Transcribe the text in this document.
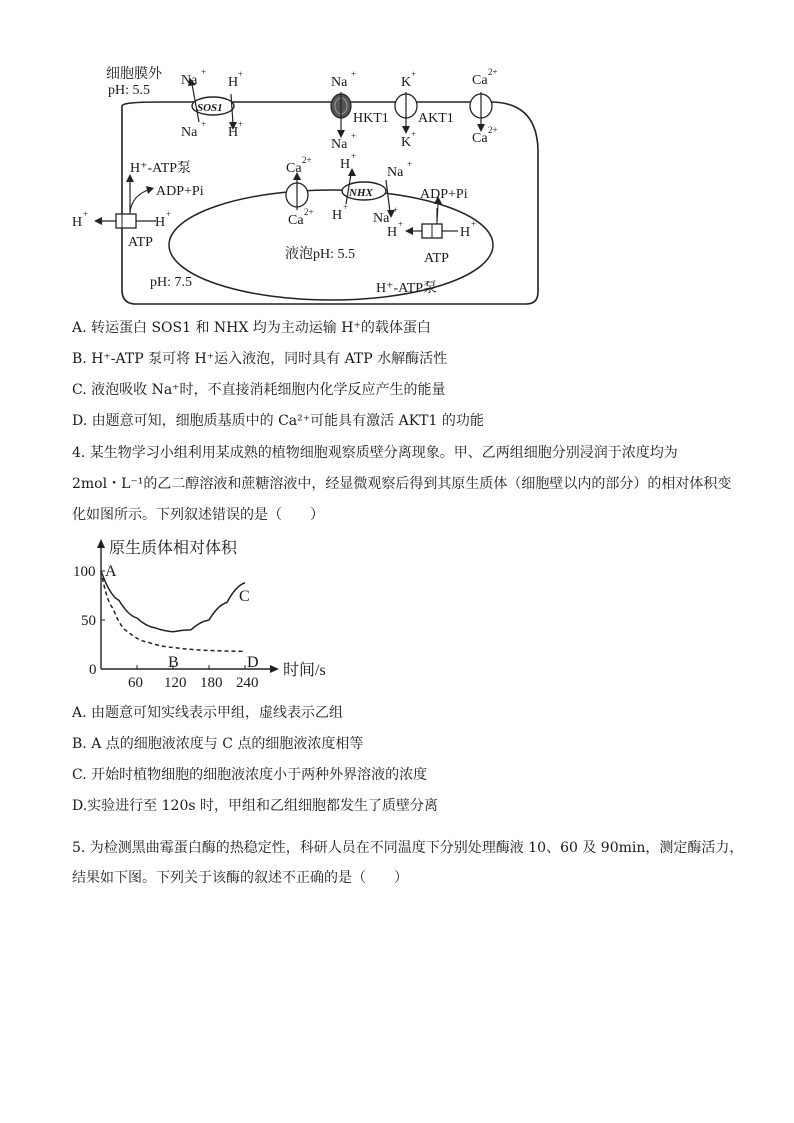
细胞膜外
pH: 5.5
SOS1
Na
+
Na
+
H
+
H
+
Na
+
Na
+
HKT1
K
+
K
+
AKT1
Ca
2+
Ca
2+
H⁺-ATP泵
H
+
H
+
ADP+Pi
ATP
Ca
2+
Ca
2+
NHX
H
+
H
+
Na
+
Na
+
H
+
H
+
ADP+Pi
ATP
H⁺-ATP泵
液泡pH: 5.5
pH: 7.5
A. 转运蛋白 SOS1 和 NHX 均为主动运输 H⁺的载体蛋白
B. H⁺-ATP 泵可将 H⁺运入液泡，同时具有 ATP 水解酶活性
C. 液泡吸收 Na⁺时，不直接消耗细胞内化学反应产生的能量
D. 由题意可知，细胞质基质中的 Ca²⁺可能具有激活 AKT1 的功能
4. 某生物学习小组利用某成熟的植物细胞观察质壁分离现象。甲、乙两组细胞分别浸润于浓度均为
2mol・L⁻¹的乙二醇溶液和蔗糖溶液中，经显微观察后得到其原生质体（细胞壁以内的部分）的相对体积变
化如图所示。下列叙述错误的是（　　）
原生质体相对体积
时间/s
60 120 180 240
0
50
100 A
B
C
D
A. 由题意可知实线表示甲组，虚线表示乙组
B. A 点的细胞液浓度与 C 点的细胞液浓度相等
C. 开始时植物细胞的细胞液浓度小于两种外界溶液的浓度
D.实验进行至 120s 时，甲组和乙组细胞都发生了质壁分离
5. 为检测黑曲霉蛋白酶的热稳定性，科研人员在不同温度下分别处理酶液 10、60 及 90min，测定酶活力，
结果如下图。下列关于该酶的叙述不正确的是（　　）
